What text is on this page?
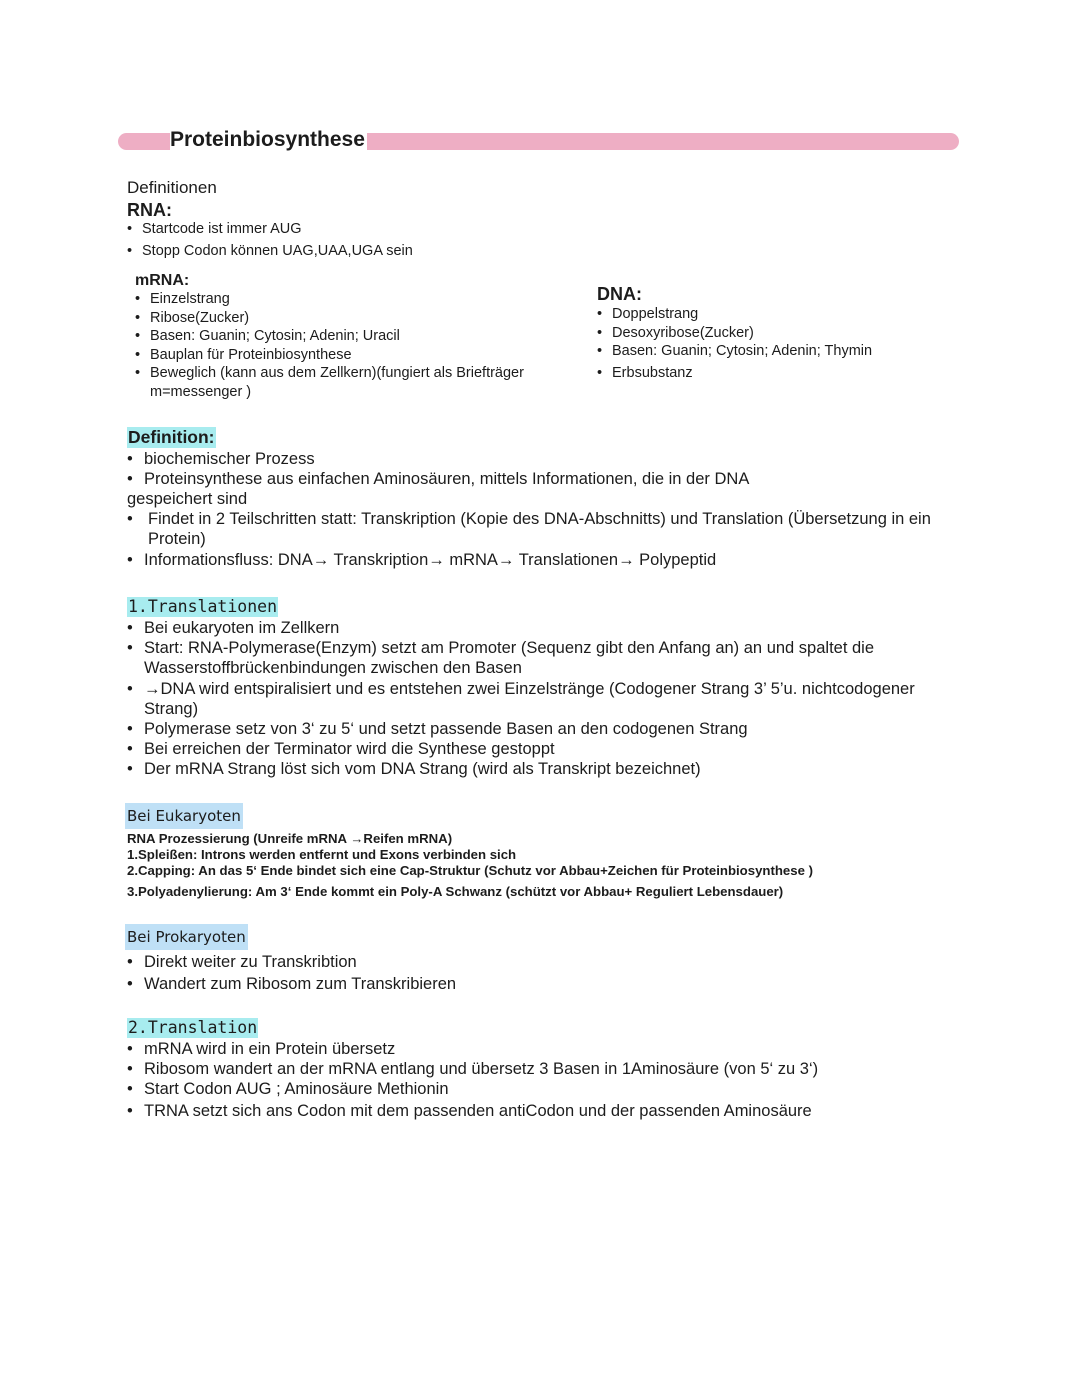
Proteinbiosynthese
Definitionen
RNA:
• Startcode ist immer AUG
• Stopp Codon können UAG,UAA,UGA sein
mRNA:
• Einzelstrang
• Ribose(Zucker)
• Basen: Guanin; Cytosin; Adenin; Uracil
• Bauplan für Proteinbiosynthese
• Beweglich (kann aus dem Zellkern)(fungiert als Briefträger m=messenger )
DNA:
• Doppelstrang
• Desoxyribose(Zucker)
• Basen: Guanin; Cytosin; Adenin; Thymin
• Erbsubstanz
Definition:
• biochemischer Prozess
• Proteinsynthese aus einfachen Aminosäuren, mittels Informationen, die in der DNA
gespeichert sind
• Findet in 2 Teilschritten statt: Transkription (Kopie des DNA-Abschnitts) und Translation (Übersetzung in ein Protein)
• Informationsfluss: DNA→ Transkription→ mRNA→ Translationen→ Polypeptid
1.Translationen
• Bei eukaryoten im Zellkern
• Start: RNA-Polymerase(Enzym) setzt am Promoter (Sequenz gibt den Anfang an) an und spaltet die Wasserstoffbrückenbindungen zwischen den Basen
• →DNA wird entspiralisiert und es entstehen zwei Einzelstränge (Codogener Strang 3’ 5’u. nichtcodogener Strang)
• Polymerase setz von 3‘ zu 5‘ und setzt passende Basen an den codogenen Strang
• Bei erreichen der Terminator wird die Synthese gestoppt
• Der mRNA Strang löst sich vom DNA Strang (wird als Transkript bezeichnet)
Bei Eukaryoten
RNA Prozessierung (Unreife mRNA →Reifen mRNA)
1.Spleißen: Introns werden entfernt und Exons verbinden sich
2.Capping: An das 5‘ Ende bindet sich eine Cap-Struktur (Schutz vor Abbau+Zeichen für Proteinbiosynthese )
3.Polyadenylierung: Am 3‘ Ende kommt ein Poly-A Schwanz (schützt vor Abbau+ Reguliert Lebensdauer)
Bei Prokaryoten
• Direkt weiter zu Transkribtion
• Wandert zum Ribosom zum Transkribieren
2.Translation
• mRNA wird in ein Protein übersetz
• Ribosom wandert an der mRNA entlang und übersetz 3 Basen in 1Aminosäure (von 5‘ zu 3‘)
• Start Codon AUG ; Aminosäure Methionin
• TRNA setzt sich ans Codon mit dem passenden antiCodon und der passenden Aminosäure
